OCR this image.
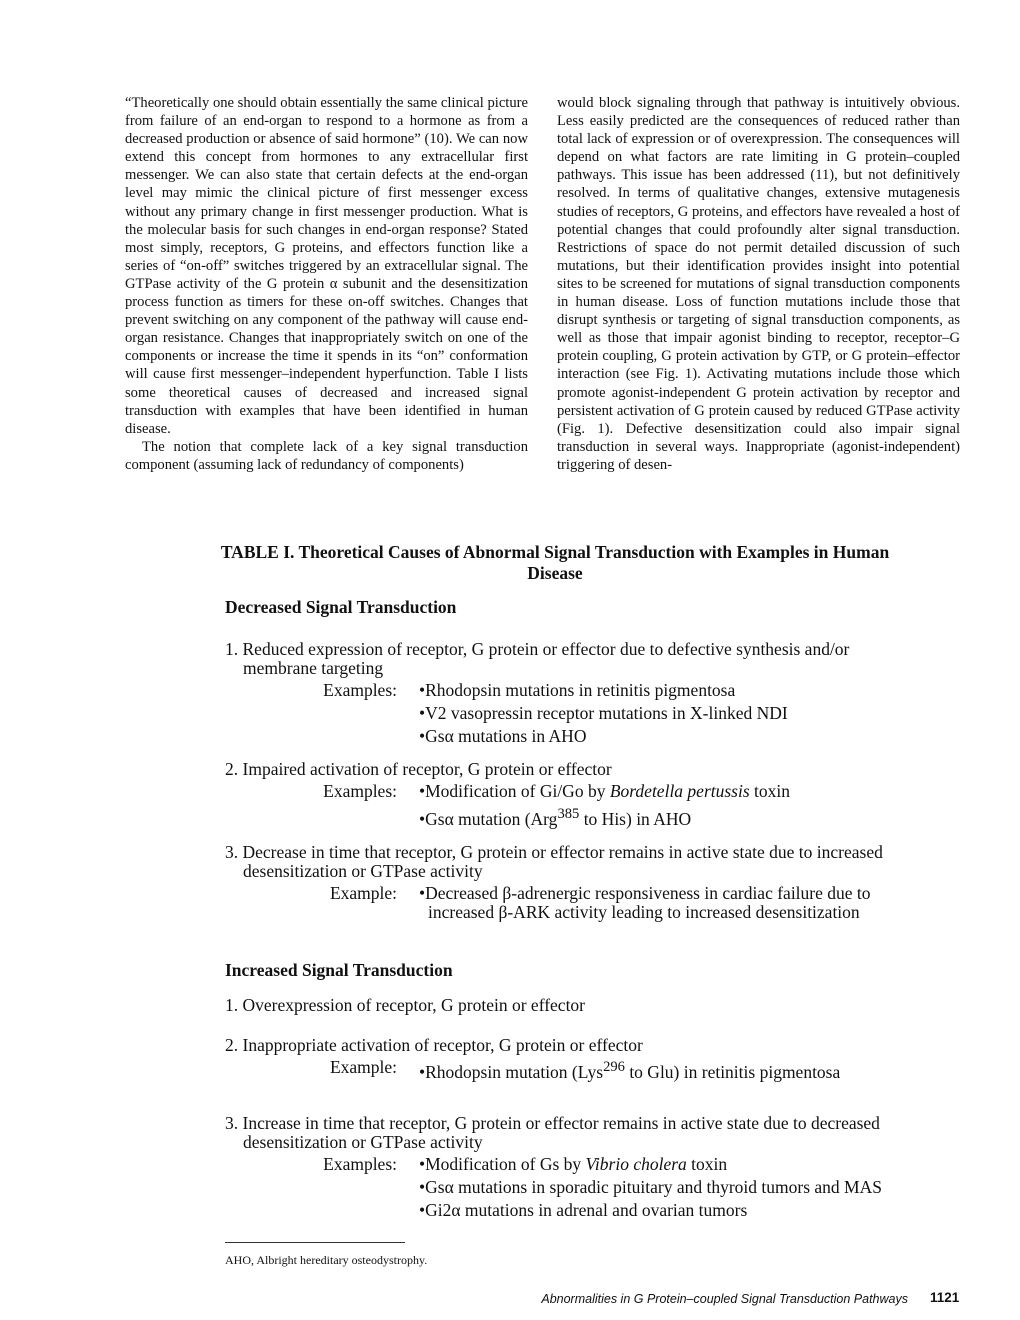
“Theoretically one should obtain essentially the same clinical picture from failure of an end-organ to respond to a hormone as from a decreased production or absence of said hormone” (10). We can now extend this concept from hormones to any extracellular first messenger. We can also state that certain defects at the end-organ level may mimic the clinical picture of first messenger excess without any primary change in first messenger production. What is the molecular basis for such changes in end-organ response? Stated most simply, receptors, G proteins, and effectors function like a series of “on-off” switches triggered by an extracellular signal. The GTPase activity of the G protein α subunit and the desensitization process function as timers for these on-off switches. Changes that prevent switching on any component of the pathway will cause end-organ resistance. Changes that inappropriately switch on one of the components or increase the time it spends in its “on” conformation will cause first messenger–independent hyperfunction. Table I lists some theoretical causes of decreased and increased signal transduction with examples that have been identified in human disease.

The notion that complete lack of a key signal transduction component (assuming lack of redundancy of components)

would block signaling through that pathway is intuitively obvious. Less easily predicted are the consequences of reduced rather than total lack of expression or of overexpression. The consequences will depend on what factors are rate limiting in G protein–coupled pathways. This issue has been addressed (11), but not definitively resolved. In terms of qualitative changes, extensive mutagenesis studies of receptors, G proteins, and effectors have revealed a host of potential changes that could profoundly alter signal transduction. Restrictions of space do not permit detailed discussion of such mutations, but their identification provides insight into potential sites to be screened for mutations of signal transduction components in human disease. Loss of function mutations include those that disrupt synthesis or targeting of signal transduction components, as well as those that impair agonist binding to receptor, receptor–G protein coupling, G protein activation by GTP, or G protein–effector interaction (see Fig. 1). Activating mutations include those which promote agonist-independent G protein activation by receptor and persistent activation of G protein caused by reduced GTPase activity (Fig. 1). Defective desensitization could also impair signal transduction in several ways. Inappropriate (agonist-independent) triggering of desen-

TABLE I. Theoretical Causes of Abnormal Signal Transduction with Examples in Human Disease
Decreased Signal Transduction
1. Reduced expression of receptor, G protein or effector due to defective synthesis and/or membrane targeting
Examples:	•Rhodopsin mutations in retinitis pigmentosa
•V2 vasopressin receptor mutations in X-linked NDI
•Gsα mutations in AHO
2. Impaired activation of receptor, G protein or effector
Examples:	•Modification of Gi/Go by Bordetella pertussis toxin
•Gsα mutation (Arg$^{385}$ to His) in AHO
3. Decrease in time that receptor, G protein or effector remains in active state due to increased desensitization or GTPase activity
Example:	•Decreased β-adrenergic responsiveness in cardiac failure due to increased β-ARK activity leading to increased desensitization
Increased Signal Transduction
1. Overexpression of receptor, G protein or effector
2. Inappropriate activation of receptor, G protein or effector
Example:	•Rhodopsin mutation (Lys$^{296}$ to Glu) in retinitis pigmentosa
3. Increase in time that receptor, G protein or effector remains in active state due to decreased desensitization or GTPase activity
Examples:	•Modification of Gs by Vibrio cholera toxin
•Gsα mutations in sporadic pituitary and thyroid tumors and MAS
•Gi2α mutations in adrenal and ovarian tumors
AHO, Albright hereditary osteodystrophy.
Abnormalities in G Protein–coupled Signal Transduction Pathways 1121
